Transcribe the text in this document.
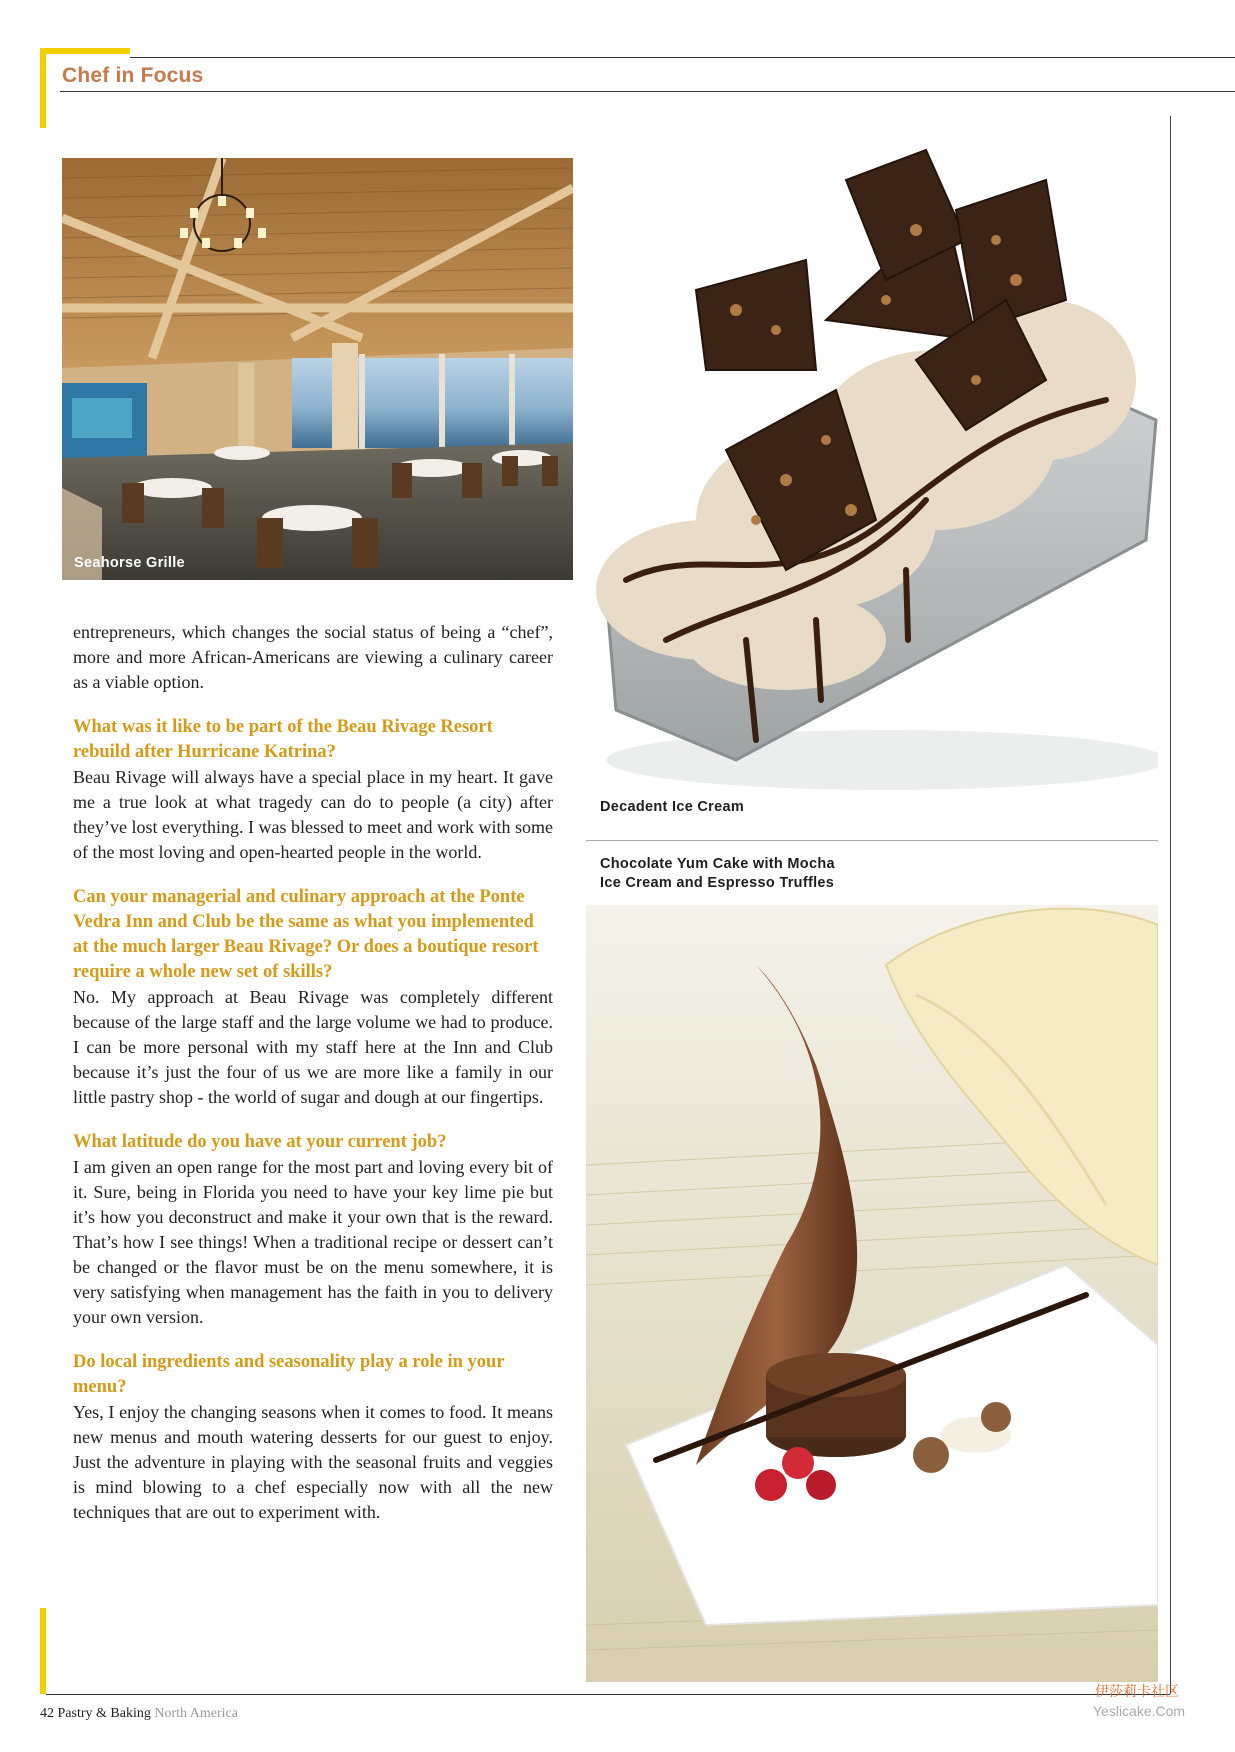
Chef in Focus
Seahorse Grille

entrepreneurs, which changes the social status of being a “chef”, more and more African-Americans are viewing a culinary career as a viable option.

What was it like to be part of the Beau Rivage Resort rebuild after Hurricane Katrina?

Beau Rivage will always have a special place in my heart. It gave me a true look at what tragedy can do to people (a city) after they’ve lost everything. I was blessed to meet and work with some of the most loving and open-hearted people in the world.

Can your managerial and culinary approach at the Ponte Vedra Inn and Club be the same as what you implemented at the much larger Beau Rivage? Or does a boutique resort require a whole new set of skills?

No. My approach at Beau Rivage was completely different because of the large staff and the large volume we had to produce. I can be more personal with my staff here at the Inn and Club because it’s just the four of us we are more like a family in our little pastry shop - the world of sugar and dough at our fingertips.

What latitude do you have at your current job?

I am given an open range for the most part and loving every bit of it. Sure, being in Florida you need to have your key lime pie but it’s how you deconstruct and make it your own that is the reward. That’s how I see things! When a traditional recipe or dessert can’t be changed or the flavor must be on the menu somewhere, it is very satisfying when management has the faith in you to delivery your own version.

Do local ingredients and seasonality play a role in your menu?

Yes, I enjoy the changing seasons when it comes to food. It means new menus and mouth watering desserts for our guest to enjoy. Just the adventure in playing with the seasonal fruits and veggies is mind blowing to a chef especially now with all the new techniques that are out to experiment with.

Decadent Ice Cream
Chocolate Yum Cake with Mocha
Ice Cream and Espresso Truffles
42 Pastry & Baking North America
伊莎莉卡社区
Yeslicake.Com
